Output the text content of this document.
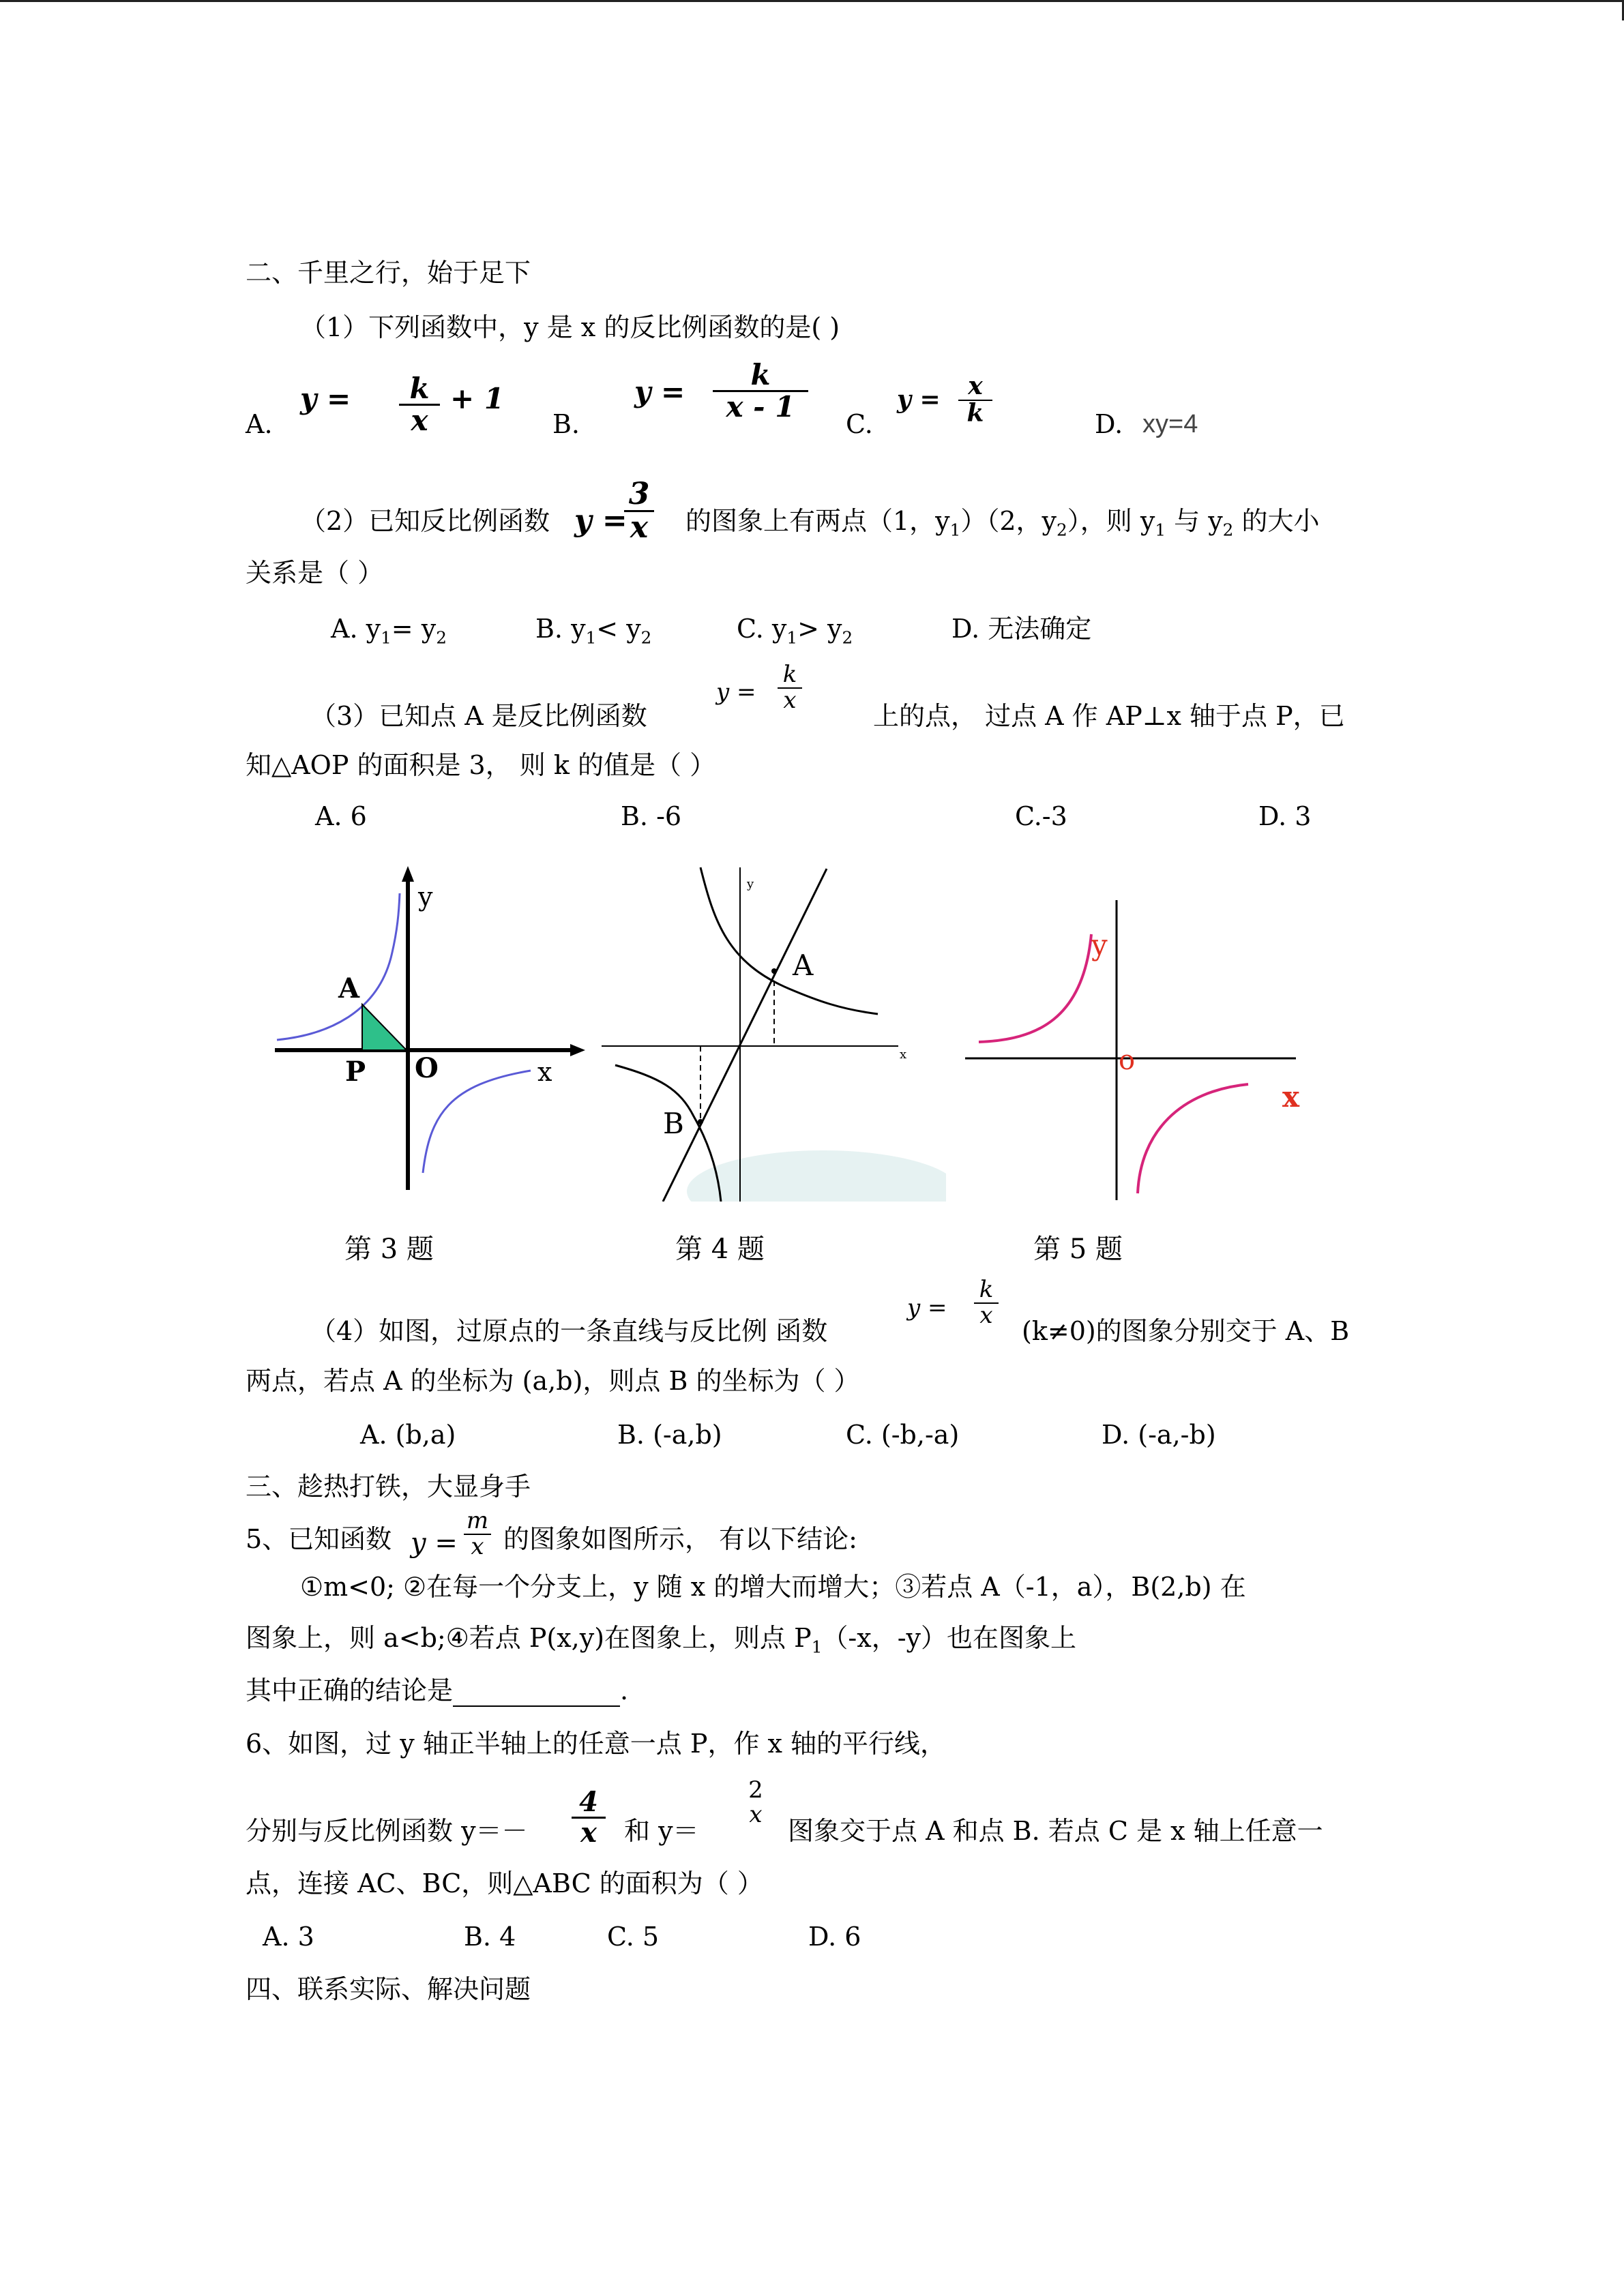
二、千里之行，始于足下
（1）下列函数中，y 是 x 的反比例函数的是( )
A.
y = k
x
+ 1
B.
y =
k
x - 1
C.
y = x
k	D. xy=4
（2）已知反比例函数 y =
3
x 的图象上有两点（1，$y_1)(2$，$y_2$），则 $y_1$ 与 $y_2$ 的大小
关系是（ ）
A. $y_1= y_2$	B. $y_1< y_2$	C. $y_1> y_2$	D. 无法确定
（3）已知点 A 是反比例函数
y =
k
x
上的点， 过点 A 作 AP⊥x 轴于点 P，已
知△AOP 的面积是 3， 则 k 的值是（ ）
A. 6	B. -6	C.-3	D. 3
y
x
A
P O
y
x
A
B
y
x
o
第 3 题	第 4 题	第 5 题
（4）如图，过原点的一条直线与反比例 函数
y =
k
x
(k≠0)的图象分别交于 A、B
两点，若点 A 的坐标为 (a,b)，则点 B 的坐标为（ ）
A. (b,a)	B. (-a,b)	C. (-b,-a)	D. (-a,-b)
三、趁热打铁，大显身手
5、已知函数 y =
m
x 的图象如图所示， 有以下结论:
①m<0; ②在每一个分支上，y 随 x 的增大而增大；③若点 A（-1，a），B(2,b) 在
图象上，则 a<b;④若点 P(x,y)在图象上，则点 $P_1(-x$，-y）也在图象上
其中正确的结论是	.
6、如图，过 y 轴正半轴上的任意一点 P，作 x 轴的平行线，
分别与反比例函数 y＝－
4
x 和 y＝
2
x
图象交于点 A 和点 B. 若点 C 是 x 轴上任意一
点，连接 AC、BC，则△ABC 的面积为（ ）
A. 3	B. 4	C. 5	D. 6
四、联系实际、解决问题
